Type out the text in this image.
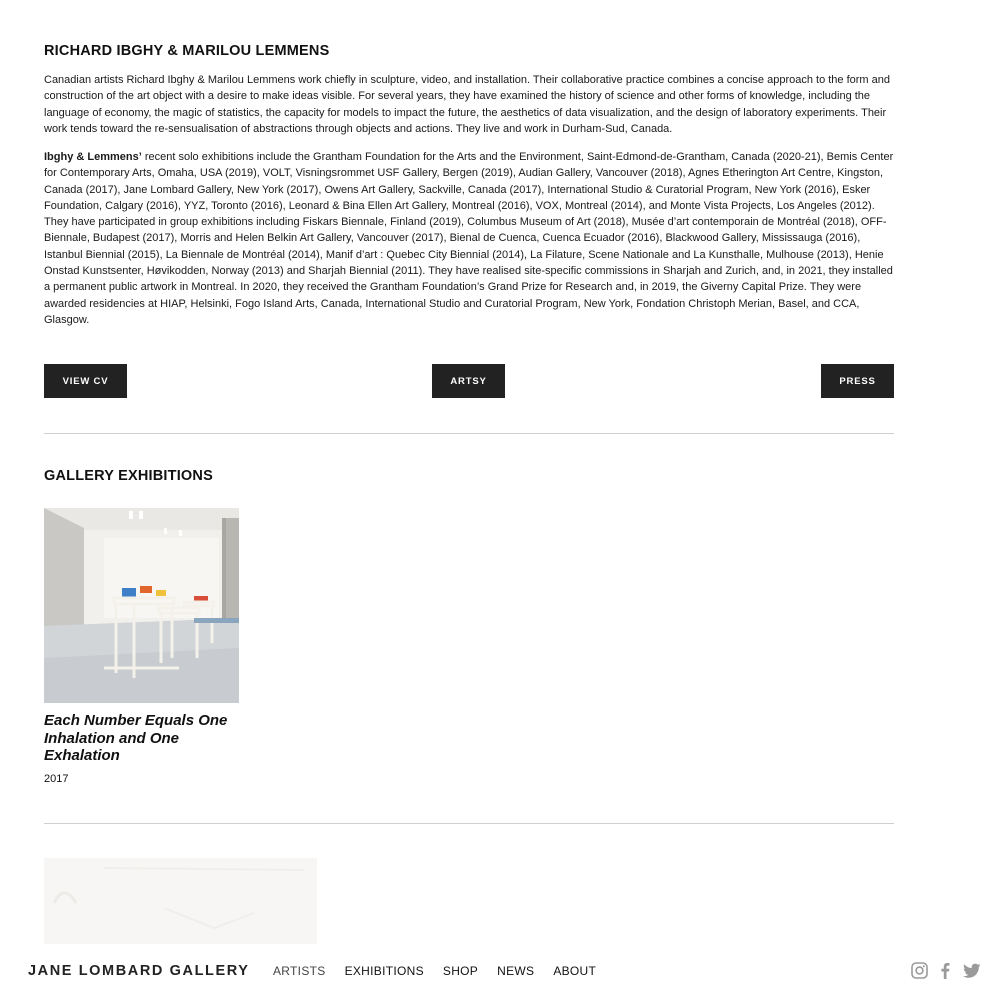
RICHARD IBGHY & MARILOU LEMMENS

Canadian artists Richard Ibghy & Marilou Lemmens work chiefly in sculpture, video, and installation. Their collaborative practice combines a concise approach to the form and construction of the art object with a desire to make ideas visible. For several years, they have examined the history of science and other forms of knowledge, including the language of economy, the magic of statistics, the capacity for models to impact the future, the aesthetics of data visualization, and the design of laboratory experiments. Their work tends toward the re-sensualisation of abstractions through objects and actions. They live and work in Durham-Sud, Canada.

Ibghy & Lemmens’ recent solo exhibitions include the Grantham Foundation for the Arts and the Environment, Saint-Edmond-de-Grantham, Canada (2020-21), Bemis Center for Contemporary Arts, Omaha, USA (2019), VOLT, Visningsrommet USF Gallery, Bergen (2019), Audian Gallery, Vancouver (2018), Agnes Etherington Art Centre, Kingston, Canada (2017), Jane Lombard Gallery, New York (2017), Owens Art Gallery, Sackville, Canada (2017), International Studio & Curatorial Program, New York (2016), Esker Foundation, Calgary (2016), YYZ, Toronto (2016), Leonard & Bina Ellen Art Gallery, Montreal (2016), VOX, Montreal (2014), and Monte Vista Projects, Los Angeles (2012). They have participated in group exhibitions including Fiskars Biennale, Finland (2019), Columbus Museum of Art (2018), Musée d’art contemporain de Montréal (2018), OFF-Biennale, Budapest (2017), Morris and Helen Belkin Art Gallery, Vancouver (2017), Bienal de Cuenca, Cuenca Ecuador (2016), Blackwood Gallery, Mississauga (2016), Istanbul Biennial (2015), La Biennale de Montréal (2014), Manif d’art : Quebec City Biennial (2014), La Filature, Scene Nationale and La Kunsthalle, Mulhouse (2013), Henie Onstad Kunstsenter, Høvikodden, Norway (2013) and Sharjah Biennial (2011). They have realised site-specific commissions in Sharjah and Zurich, and, in 2021, they installed a permanent public artwork in Montreal. In 2020, they received the Grantham Foundation’s Grand Prize for Research and, in 2019, the Giverny Capital Prize. They were awarded residencies at HIAP, Helsinki, Fogo Island Arts, Canada, International Studio and Curatorial Program, New York, Fondation Christoph Merian, Basel, and CCA, Glasgow.

VIEW CV	ARTSY	PRESS
GALLERY EXHIBITIONS
Each Number Equals One Inhalation and One Exhalation
2017
JANE LOMBARD GALLERY ARTISTS EXHIBITIONS SHOP NEWS ABOUT
